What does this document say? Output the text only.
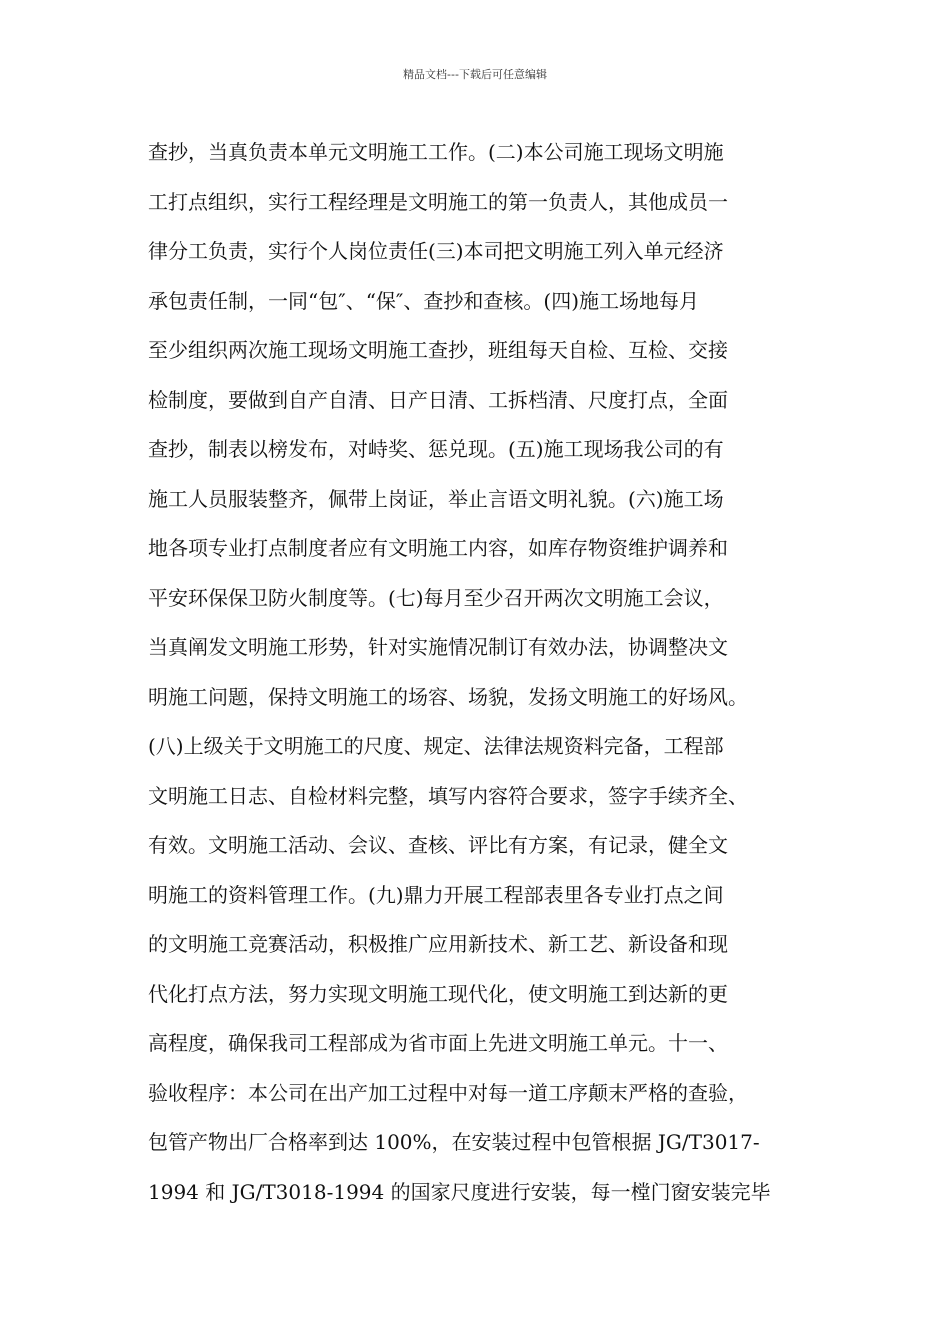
精品文档---下载后可任意编辑
查抄，当真负责本单元文明施工工作。(二)本公司施工现场文明施
工打点组织，实行工程经理是文明施工的第一负责人，其他成员一
律分工负责，实行个人岗位责任(三)本司把文明施工列入单元经济
承包责任制，一同“包″、“保″、查抄和查核。(四)施工场地每月
至少组织两次施工现场文明施工查抄，班组每天自检、互检、交接
检制度，要做到自产自清、日产日清、工拆档清、尺度打点，全面
查抄，制表以榜发布，对峙奖、惩兑现。(五)施工现场我公司的有
施工人员服装整齐，佩带上岗证，举止言语文明礼貌。(六)施工场
地各项专业打点制度者应有文明施工内容，如库存物资维护调养和
平安环保保卫防火制度等。(七)每月至少召开两次文明施工会议，
当真阐发文明施工形势，针对实施情况制订有效办法，协调整决文
明施工问题，保持文明施工的场容、场貌，发扬文明施工的好场风。
(八)上级关于文明施工的尺度、规定、法律法规资料完备，工程部
文明施工日志、自检材料完整，填写内容符合要求，签字手续齐全、
有效。文明施工活动、会议、查核、评比有方案，有记录，健全文
明施工的资料管理工作。(九)鼎力开展工程部表里各专业打点之间
的文明施工竞赛活动，积极推广应用新技术、新工艺、新设备和现
代化打点方法，努力实现文明施工现代化，使文明施工到达新的更
高程度，确保我司工程部成为省市面上先进文明施工单元。十一、
验收程序：本公司在出产加工过程中对每一道工序颠末严格的查验，
包管产物出厂合格率到达 100%，在安装过程中包管根据 JG/T3017-
1994 和 JG/T3018-1994 的国家尺度进行安装，每一樘门窗安装完毕
